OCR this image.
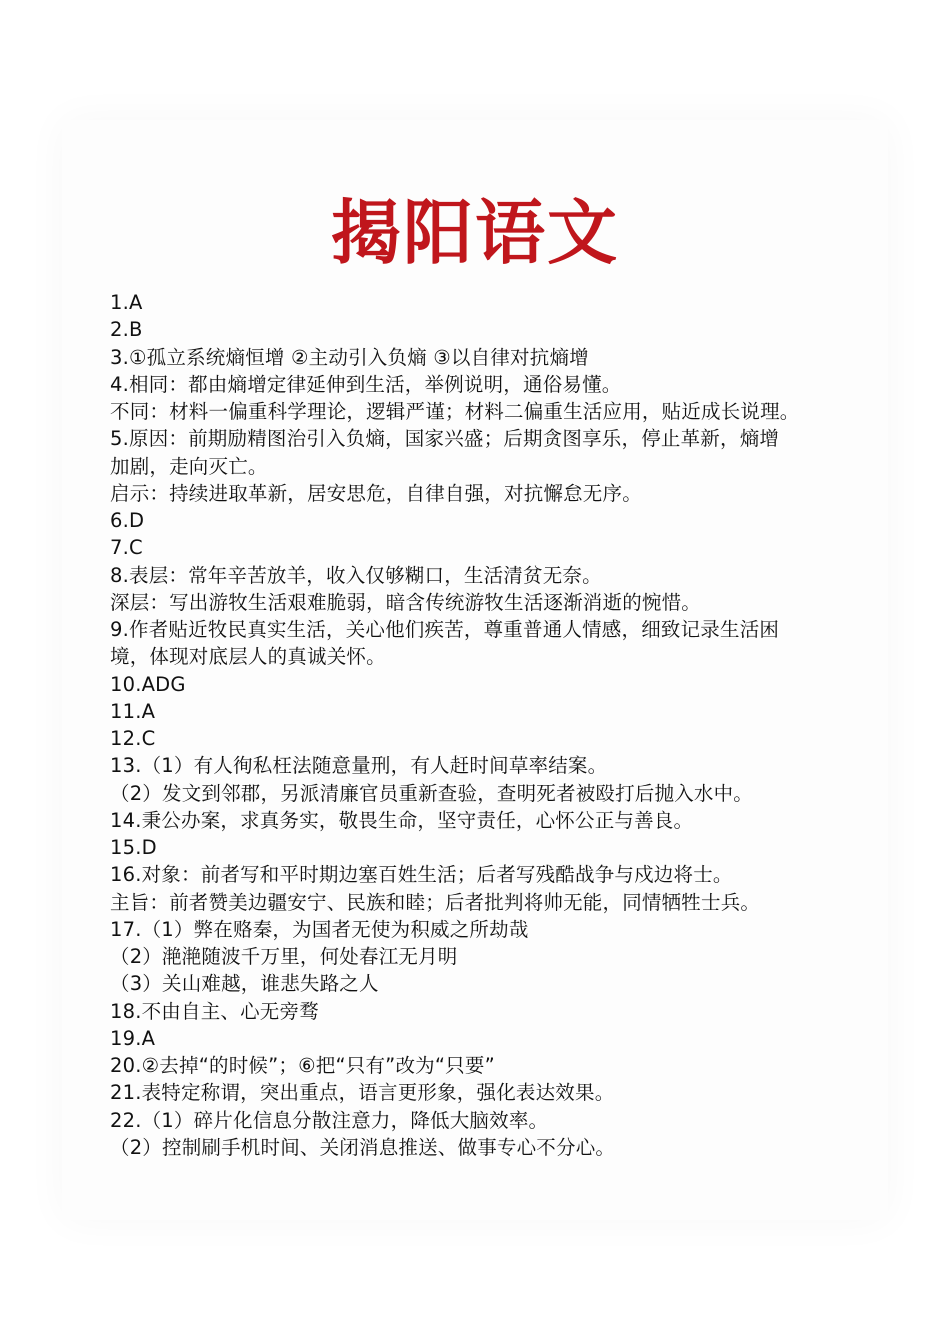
揭阳语文
1.A
2.B
3.①孤立系统熵恒增 ②主动引入负熵 ③以自律对抗熵增
4.相同：都由熵增定律延伸到生活，举例说明，通俗易懂。
不同：材料一偏重科学理论，逻辑严谨；材料二偏重生活应用，贴近成长说理。
5.原因：前期励精图治引入负熵，国家兴盛；后期贪图享乐，停止革新，熵增
加剧，走向灭亡。
启示：持续进取革新，居安思危，自律自强，对抗懈怠无序。
6.D
7.C
8.表层：常年辛苦放羊，收入仅够糊口，生活清贫无奈。
深层：写出游牧生活艰难脆弱，暗含传统游牧生活逐渐消逝的惋惜。
9.作者贴近牧民真实生活，关心他们疾苦，尊重普通人情感，细致记录生活困
境，体现对底层人的真诚关怀。
10.ADG
11.A
12.C
13.（1）有人徇私枉法随意量刑，有人赶时间草率结案。
（2）发文到邻郡，另派清廉官员重新查验，查明死者被殴打后抛入水中。
14.秉公办案，求真务实，敬畏生命，坚守责任，心怀公正与善良。
15.D
16.对象：前者写和平时期边塞百姓生活；后者写残酷战争与戍边将士。
主旨：前者赞美边疆安宁、民族和睦；后者批判将帅无能，同情牺牲士兵。
17.（1）弊在赂秦，为国者无使为积威之所劫哉
（2）滟滟随波千万里，何处春江无月明
（3）关山难越，谁悲失路之人
18.不由自主、心无旁骛
19.A
20.②去掉“的时候”；⑥把“只有”改为“只要”
21.表特定称谓，突出重点，语言更形象，强化表达效果。
22.（1）碎片化信息分散注意力，降低大脑效率。
（2）控制刷手机时间、关闭消息推送、做事专心不分心。
